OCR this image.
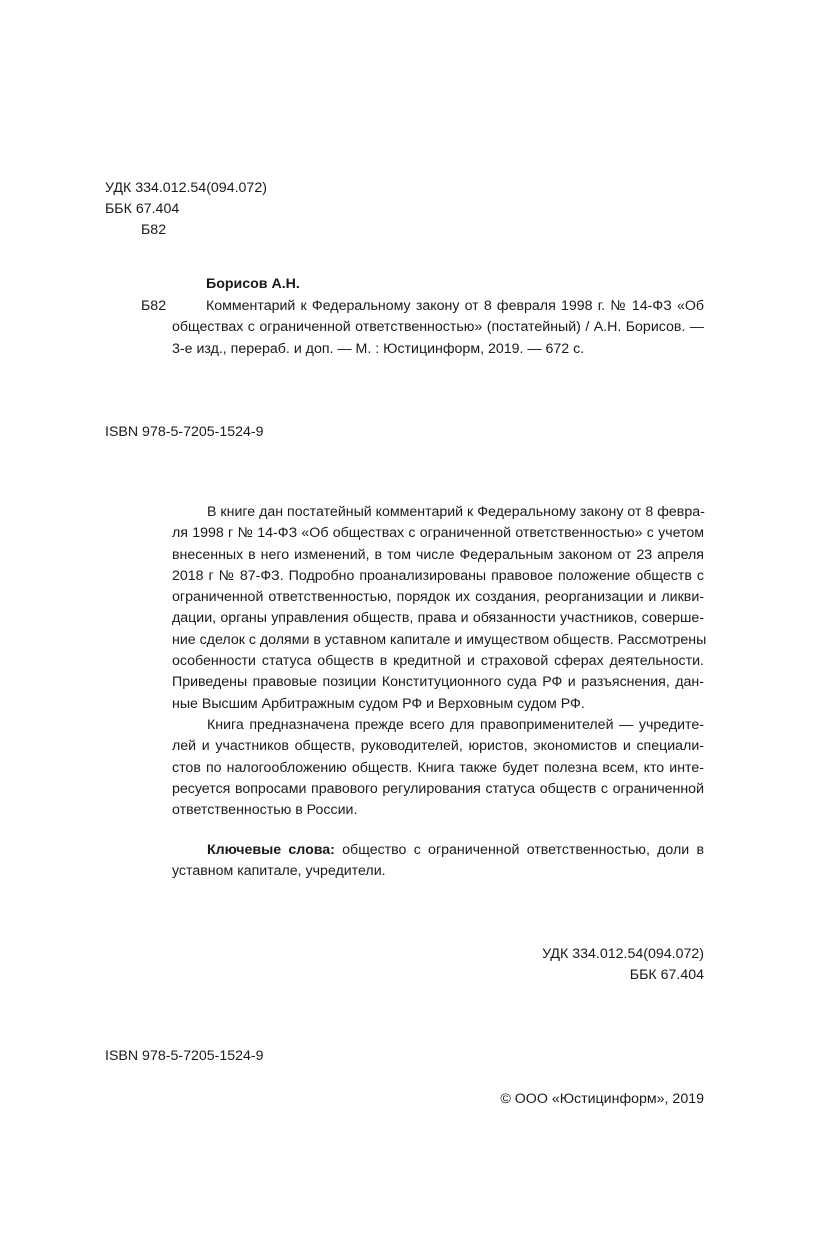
УДК 334.012.54(094.072)
ББК 67.404
Б82
Борисов А.Н.
Б82	Комментарий к Федеральному закону от 8 февраля 1998 г. № 14-ФЗ «Об
обществах с ограниченной ответственностью» (постатейный) / А.Н. Борисов. —
3-е изд., перераб. и доп. — М. : Юстицинформ, 2019. — 672 с.
ISBN 978-5-7205-1524-9
В книге дан постатейный комментарий к Федеральному закону от 8 февра-
ля 1998 г № 14-ФЗ «Об обществах с ограниченной ответственностью» с учетом
внесенных в него изменений, в том числе Федеральным законом от 23 апреля
2018 г № 87-ФЗ. Подробно проанализированы правовое положение обществ с
ограниченной ответственностью, порядок их создания, реорганизации и ликви-
дации, органы управления обществ, права и обязанности участников, соверше-
ние сделок с долями в уставном капитале и имуществом обществ. Рассмотрены
особенности статуса обществ в кредитной и страховой сферах деятельности.
Приведены правовые позиции Конституционного суда РФ и разъяснения, дан-
ные Высшим Арбитражным судом РФ и Верховным судом РФ.
Книга предназначена прежде всего для правоприменителей — учредите-
лей и участников обществ, руководителей, юристов, экономистов и специали-
стов по налогообложению обществ. Книга также будет полезна всем, кто инте-
ресуется вопросами правового регулирования статуса обществ с ограниченной
ответственностью в России.
Ключевые слова: общество с ограниченной ответственностью, доли в
уставном капитале, учредители.
УДК 334.012.54(094.072)
ББК 67.404
ISBN 978-5-7205-1524-9
© ООО «Юстицинформ», 2019
